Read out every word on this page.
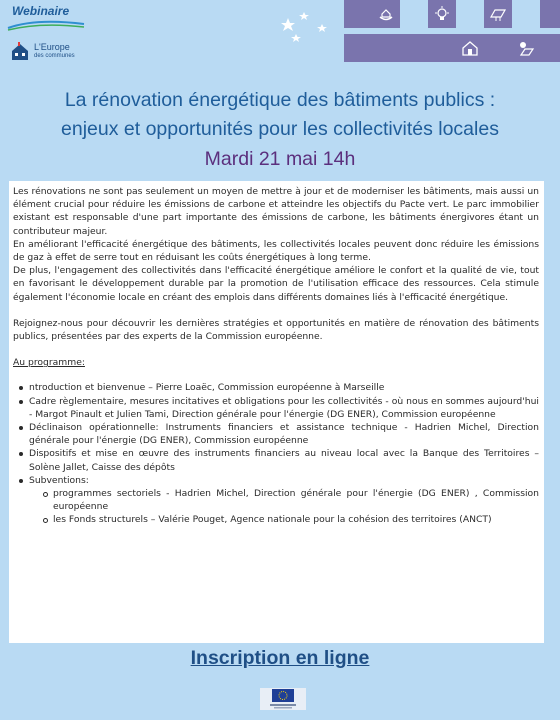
Webinaire
L'Europe
des communes
La rénovation énergétique des bâtiments publics :
enjeux et opportunités pour les collectivités locales
Mardi 21 mai 14h

Les rénovations ne sont pas seulement un moyen de mettre à jour et de moderniser les bâtiments, mais aussi un élément crucial pour réduire les émissions de carbone et atteindre les objectifs du Pacte vert. Le parc immobilier existant est responsable d'une part importante des émissions de carbone, les bâtiments énergivores étant un contributeur majeur.

En améliorant l'efficacité énergétique des bâtiments, les collectivités locales peuvent donc réduire les émissions de gaz à effet de serre tout en réduisant les coûts énergétiques à long terme.

De plus, l'engagement des collectivités dans l'efficacité énergétique améliore le confort et la qualité de vie, tout en favorisant le développement durable par la promotion de l'utilisation efficace des ressources. Cela stimule également l'économie locale en créant des emplois dans différents domaines liés à l'efficacité énergétique.

Rejoignez-nous pour découvrir les dernières stratégies et opportunités en matière de rénovation des bâtiments publics, présentées par des experts de la Commission européenne.

Au programme:

ntroduction et bienvenue – Pierre Loaëc, Commission européenne à Marseille
Cadre règlementaire, mesures incitatives et obligations pour les collectivités - où nous en sommes aujourd'hui - Margot Pinault et Julien Tami, Direction générale pour l'énergie (DG ENER), Commission européenne
Déclinaison opérationnelle: Instruments financiers et assistance technique - Hadrien Michel, Direction générale pour l'énergie (DG ENER), Commission européenne
Dispositifs et mise en œuvre des instruments financiers au niveau local avec la Banque des Territoires – Solène Jallet, Caisse des dépôts
Subventions:
programmes sectoriels - Hadrien Michel, Direction générale pour l'énergie (DG ENER) , Commission européenne
les Fonds structurels – Valérie Pouget, Agence nationale pour la cohésion des territoires (ANCT)
Inscription en ligne
